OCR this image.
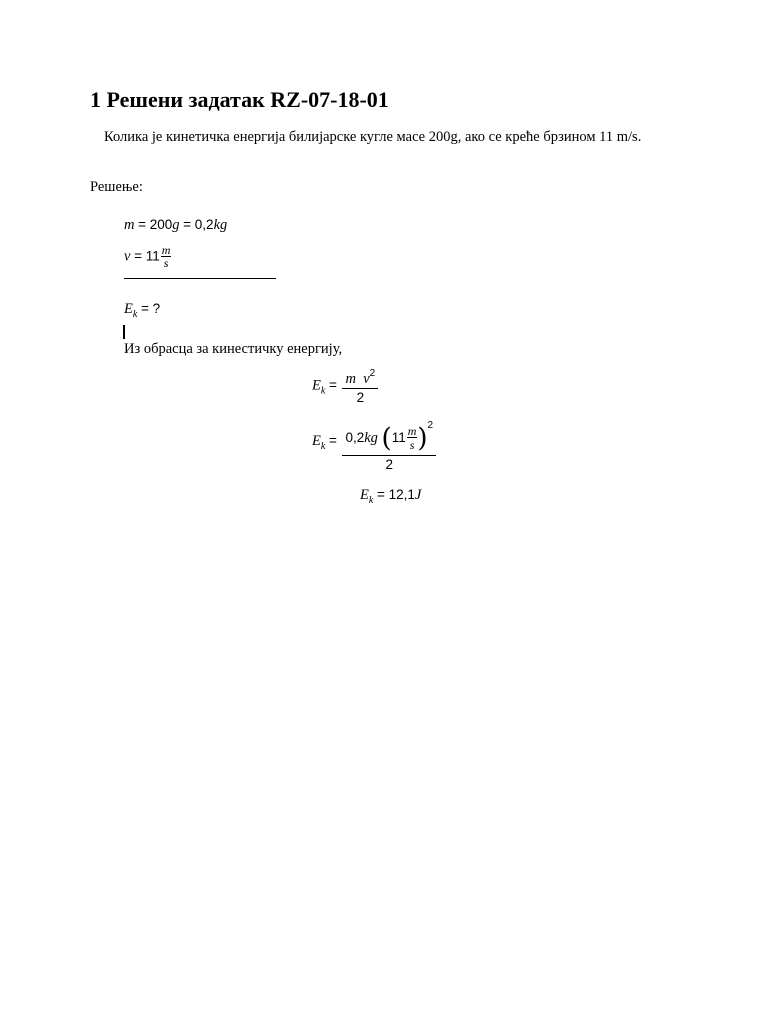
1 Решени задатак RZ-07-18-01
Колика је кинетичка енергија билијарске кугле масе 200g, ако се креће брзином 11 m/s.
Решење:
m = 200g = 0,2kg
$v = 11 \frac{m}{s}$
$E_k$ = ?
Из обрасца за кинестичку енергију,
$E_k = \frac{m v^2}{2}$
$E_k = \frac{0,2kg (11 \frac{m}{s} )^2}{2}$
$E_k = 12,1J$
